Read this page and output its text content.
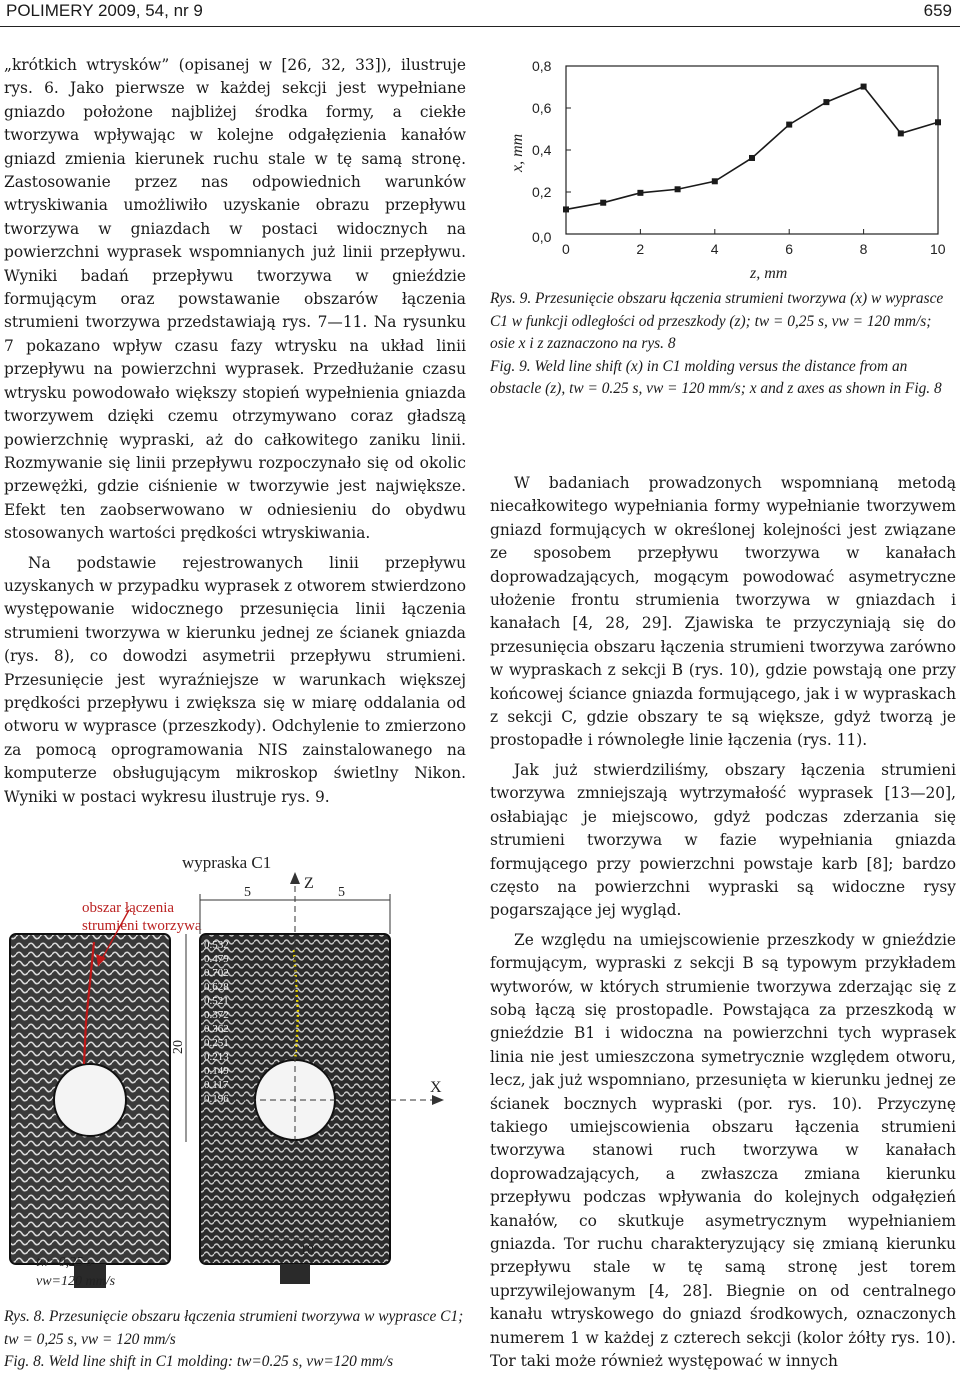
POLIMERY 2009, 54, nr 9	659

„krótkich wtrysków” (opisanej w [26, 32, 33]), ilustruje rys. 6. Jako pierwsze w każdej sekcji jest wypełniane gniazdo położone najbliżej środka formy, a ciekłe tworzywa wpływając w kolejne odgałęzienia kanałów gniazd zmienia kierunek ruchu stale w tę samą stronę. Zastosowanie przez nas odpowiednich warunków wtryskiwania umożliwiło uzyskanie obrazu przepływu tworzywa w gniazdach w postaci widocznych na powierzchni wyprasek wspomnianych już linii przepływu. Wyniki badań przepływu tworzywa w gnieździe formującym oraz powstawanie obszarów łączenia strumieni tworzywa przedstawiają rys. 7—11. Na rysunku 7 pokazano wpływ czasu fazy wtrysku na układ linii przepływu na powierzchni wyprasek. Przedłużanie czasu wtrysku powodowało większy stopień wypełnienia gniazda tworzywem dzięki czemu otrzymywano coraz gładszą powierzchnię wypraski, aż do całkowitego zaniku linii. Rozmywanie się linii przepływu rozpoczynało się od okolic przewężki, gdzie ciśnienie w tworzywie jest największe. Efekt ten zaobserwowano w odniesieniu do obydwu stosowanych wartości prędkości wtryskiwania.

Na podstawie rejestrowanych linii przepływu uzyskanych w przypadku wyprasek z otworem stwierdzono występowanie widocznego przesunięcia linii łączenia strumieni tworzywa w kierunku jednej ze ścianek gniazda (rys. 8), co dowodzi asymetrii przepływu strumieni. Przesunięcie jest wyraźniejsze w warunkach większej prędkości przepływu i zwiększa się w miarę oddalania od otworu w wyprasce (przeszkody). Odchylenie to zmierzono za pomocą oprogramowania NIS zainstalowanego na komputerze obsługującym mikroskop świetlny Nikon. Wyniki w postaci wykresu ilustruje rys. 9.

0,0
0,2
0,4
0,6
0,8
0	2	4	6	8	10
z, mm
x, mm
Rys. 9. Przesunięcie obszaru łączenia strumieni tworzywa (x) w wyprasce C1 w funkcji odległości od przeszkody (z); tw = 0,25 s, vw = 120 mm/s; osie x i z zaznaczono na rys. 8
Fig. 9. Weld line shift (x) in C1 molding versus the distance from an obstacle (z), tw = 0.25 s, vw = 120 mm/s; x and z axes as shown in Fig. 8

W badaniach prowadzonych wspomnianą metodą niecałkowitego wypełniania formy wypełnianie tworzywem gniazd formujących w określonej kolejności jest związane ze sposobem przepływu tworzywa w kanałach doprowadzających, mogącym powodować asymetryczne ułożenie frontu strumienia tworzywa w gniazdach i kanałach [4, 28, 29]. Zjawiska te przyczyniają się do przesunięcia obszaru łączenia strumieni tworzywa zarówno w wypraskach z sekcji B (rys. 10), gdzie powstają one przy końcowej ściance gniazda formującego, jak i w wypraskach z sekcji C, gdzie obszary te są większe, gdyż tworzą je prostopadłe i równoległe linie łączenia (rys. 11).

Jak już stwierdziliśmy, obszary łączenia strumieni tworzywa zmniejszają wytrzymałość wyprasek [13—20], osłabiając je miejscowo, gdyż podczas zderzania się strumieni tworzywa w fazie wypełniania gniazda formującego przy powierzchni powstaje karb [8]; bardzo często na powierzchni wypraski są widoczne rysy pogarszające jej wygląd.

Ze względu na umiejscowienie przeszkody w gnieździe formującym, wypraski z sekcji B są typowym przykładem wytworów, w których strumienie tworzywa zderzając się z sobą łączą się prostopadle. Powstająca za przeszkodą w gnieździe B1 i widoczna na powierzchni tych wyprasek linia nie jest umieszczona symetrycznie względem otworu, lecz, jak już wspomniano, przesunięta w kierunku jednej ze ścianek bocznych wypraski (por. rys. 10). Przyczynę takiego umiejscowienia obszaru łączenia strumieni tworzywa stanowi ruch tworzywa w kanałach doprowadzających, a zwłaszcza zmiana kierunku przepływu podczas wpływania do kolejnych odgałęzień kanałów, co skutkuje asymetrycznym wypełnianiem gniazda. Tor ruchu charakteryzujący się zmianą kierunku przepływu stale w tę samą stronę jest torem uprzywilejowanym [4, 28]. Biegnie on od centralnego kanału wtryskowego do gniazd środkowych, oznaczonych numerem 1 w każdej z czterech sekcji (kolor żółty rys. 10). Tor taki może również występować w innych

wypraska C1
obszar łączenia
strumieni tworzywa
Z
X
5	5
20
10
0.532
0.479
0.702
0.628
0.521
0.372
0.362
0.251
0.213
0.149
0.117
0.196
tw=0,25 s
vw=120 mm/s
Rys. 8. Przesunięcie obszaru łączenia strumieni tworzywa w wyprasce C1; tw = 0,25 s, vw = 120 mm/s
Fig. 8. Weld line shift in C1 molding: tw=0.25 s, vw=120 mm/s
